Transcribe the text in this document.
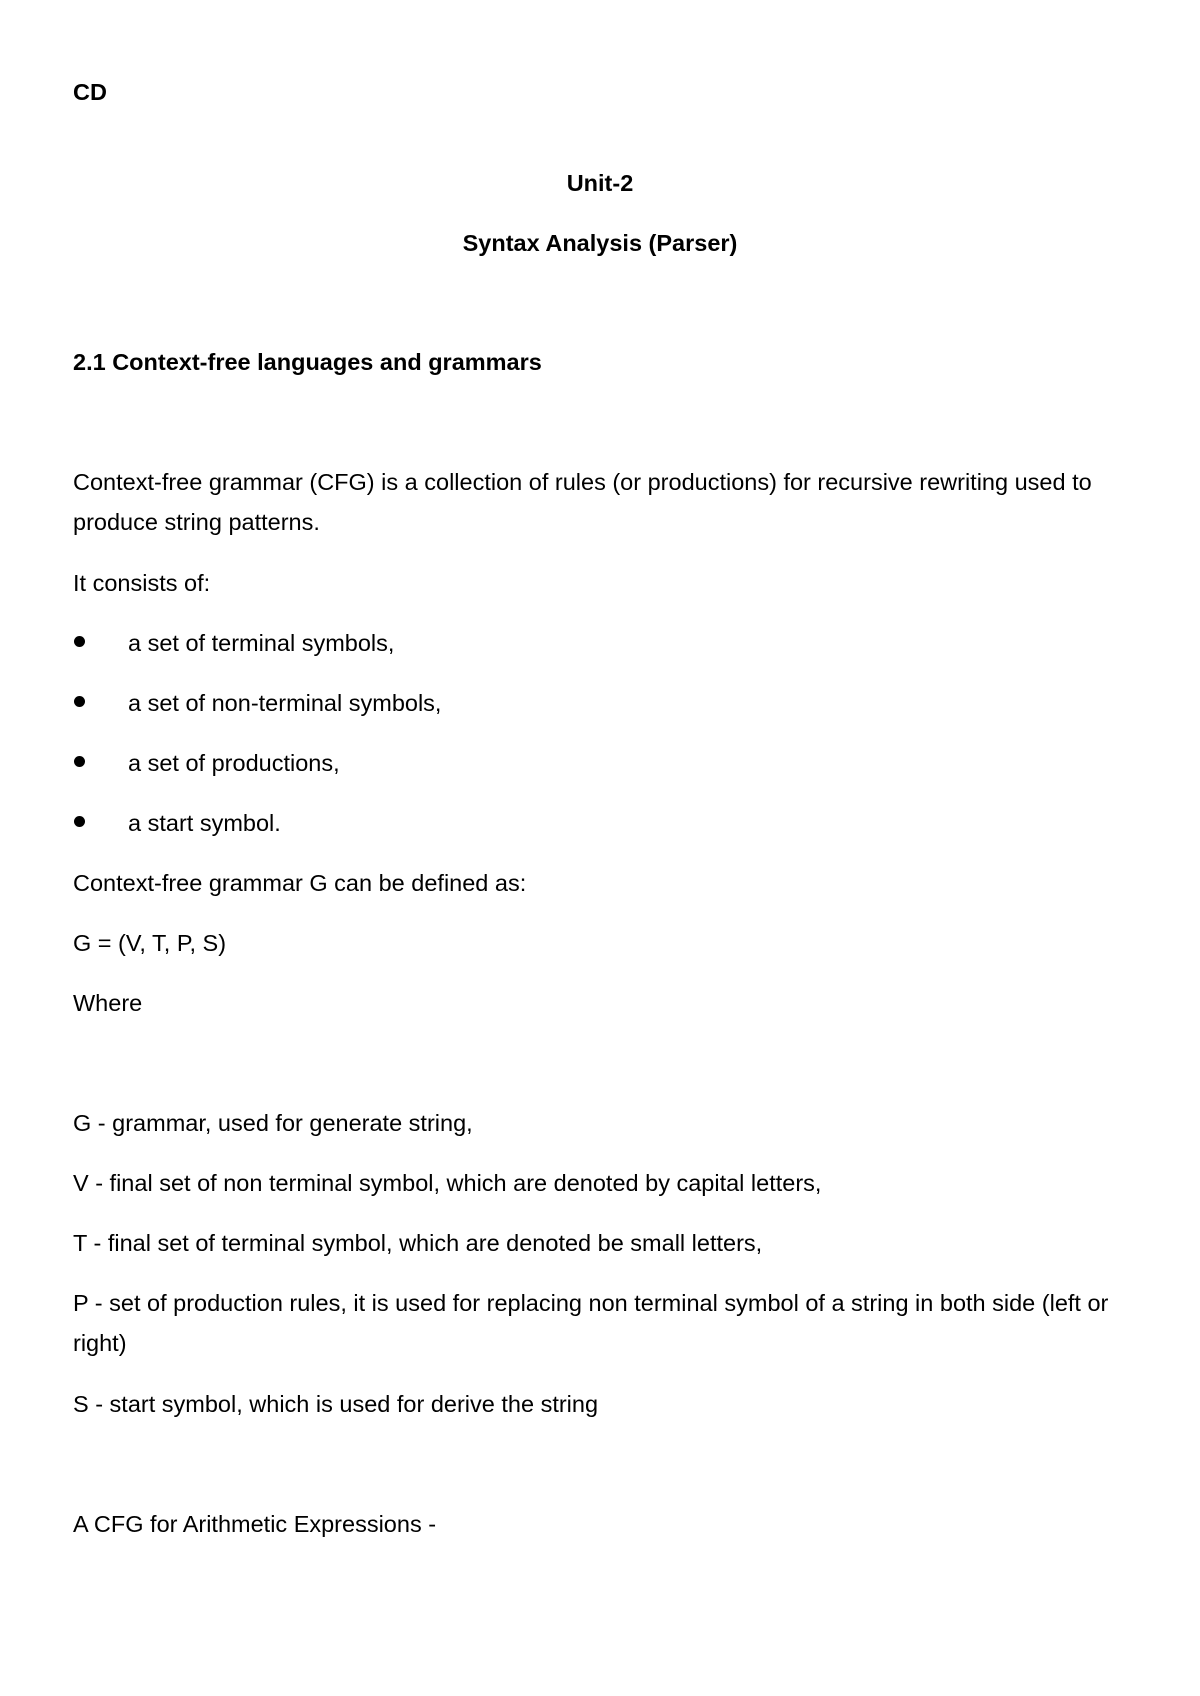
CD
Unit-2
Syntax Analysis (Parser)
2.1 Context-free languages and grammars
Context-free grammar (CFG) is a collection of rules (or productions) for recursive rewriting used to produce string patterns.
It consists of:
a set of terminal symbols,
a set of non-terminal symbols,
a set of productions,
a start symbol.
Context-free grammar G can be defined as:
G = (V, T, P, S)
Where
G - grammar, used for generate string,
V - final set of non terminal symbol, which are denoted by capital letters,
T - final set of terminal symbol, which are denoted be small letters,
P - set of production rules, it is used for replacing non terminal symbol of a string in both side (left or right)
S - start symbol, which is used for derive the string
A CFG for Arithmetic Expressions -
